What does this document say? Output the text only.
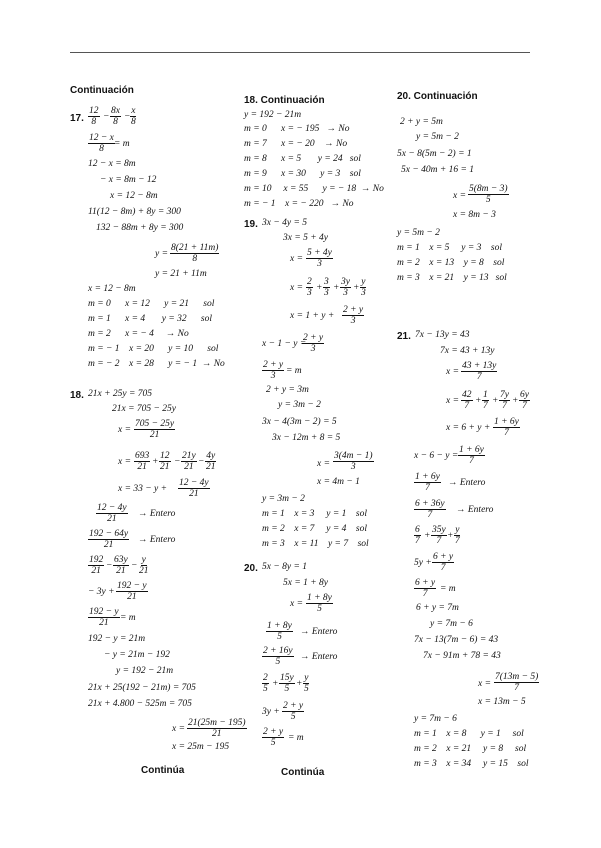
Continuación
17. $\frac{12}{8} - \frac{8x}{8} - \frac{x}{8}$
$\frac{12 - x}{8} = m$
12 − x = 8m
− x = 8m − 12
x = 12 − 8m
11(12 − 8m) + 8y = 300
132 − 88m + 8y = 300
$y = \frac{8(21 + 11m)}{8}$
y = 21 + 11m
x = 12 − 8m
m = 0      x = 12      y = 21      sol
m = 1      x = 4       y = 32      sol
m = 2      x = − 4     → No
m = − 1    x = 20      y = 10      sol
m = − 2    x = 28      y = − 1  → No
18. 21x + 25y = 705
21x = 705 − 25y
$x = \frac{705 - 25y}{21}$
$x = \frac{693}{21} + \frac{12}{21} - \frac{21y}{21} - \frac{4y}{21}$
$x = 33 - y + \frac{12 - 4y}{21}$
$\frac{12 - 4y}{21}$ → Entero
$\frac{192 - 64y}{21}$ → Entero
$\frac{192}{21} - \frac{63y}{21} - \frac{y}{21}$
− $3y + \frac{192 - y}{21}$
$\frac{192 - y}{21} = m$
192 − y = 21m
− y = 21m − 192
y = 192 − 21m
21x + 25(192 − 21m) = 705
21x + 4.800 − 525m = 705
$x = \frac{21(25m - 195)}{21}$
x = 25m − 195
Continúa
18. Continuación
y = 192 − 21m
m = 0      x = − 195   → No
m = 7      x = − 20    → No
m = 8      x = 5       y = 24   sol
m = 9      x = 30      y = 3    sol
m = 10     x = 55      y = − 18  → No
m = − 1    x = − 220   → No
19. 3x − 4y = 5
3x = 5 + 4y
$x = \frac{5 + 4y}{3}$
$x = \frac{2}{3} + \frac{3}{3} + \frac{3y}{3} + \frac{y}{3}$
$x = 1 + y + \frac{2 + y}{3}$
x − 1 − y =
$\frac{2 + y}{3}$
$\frac{2 + y}{3} = m$
2 + y = 3m
y = 3m − 2
3x − 4(3m − 2) = 5
3x − 12m + 8 = 5
$x = \frac{3(4m - 1)}{3}$
x = 4m − 1
y = 3m − 2
m = 1    x = 3     y = 1    sol
m = 2    x = 7     y = 4    sol
m = 3    x = 11    y = 7    sol
20. 5x − 8y = 1
5x = 1 + 8y
$x = \frac{1 + 8y}{5}$
$\frac{1 + 8y}{5}$ → Entero
$\frac{2 + 16y}{5}$ → Entero
$\frac{2}{5} + \frac{15y}{5} + \frac{y}{5}$
$3y + \frac{2 + y}{5}$
$\frac{2 + y}{5} = m$
Continúa
20. Continuación
2 + y = 5m
y = 5m − 2
5x − 8(5m − 2) = 1
5x − 40m + 16 = 1
$x = \frac{5(8m - 3)}{5}$
x = 8m − 3
y = 5m − 2
m = 1    x = 5     y = 3    sol
m = 2    x = 13    y = 8    sol
m = 3    x = 21    y = 13   sol
21. 7x − 13y = 43
7x = 43 + 13y
$x = \frac{43 + 13y}{7}$
$x = \frac{42}{7} + \frac{1}{7} + \frac{7y}{7} + \frac{6y}{7}$
$x = 6 + y + \frac{1 + 6y}{7}$
$x - 6 - y = \frac{1 + 6y}{7}$
$\frac{1 + 6y}{7}$ → Entero
$\frac{6 + 36y}{7}$ → Entero
$\frac{6}{7} + \frac{35y}{7} + \frac{y}{7}$
$5y + \frac{6 + y}{7}$
$\frac{6 + y}{7} = m$
6 + y = 7m
y = 7m − 6
7x − 13(7m − 6) = 43
7x − 91m + 78 = 43
$x = \frac{7(13m - 5)}{7}$
x = 13m − 5
y = 7m − 6
m = 1    x = 8      y = 1     sol
m = 2    x = 21     y = 8     sol
m = 3    x = 34     y = 15    sol
